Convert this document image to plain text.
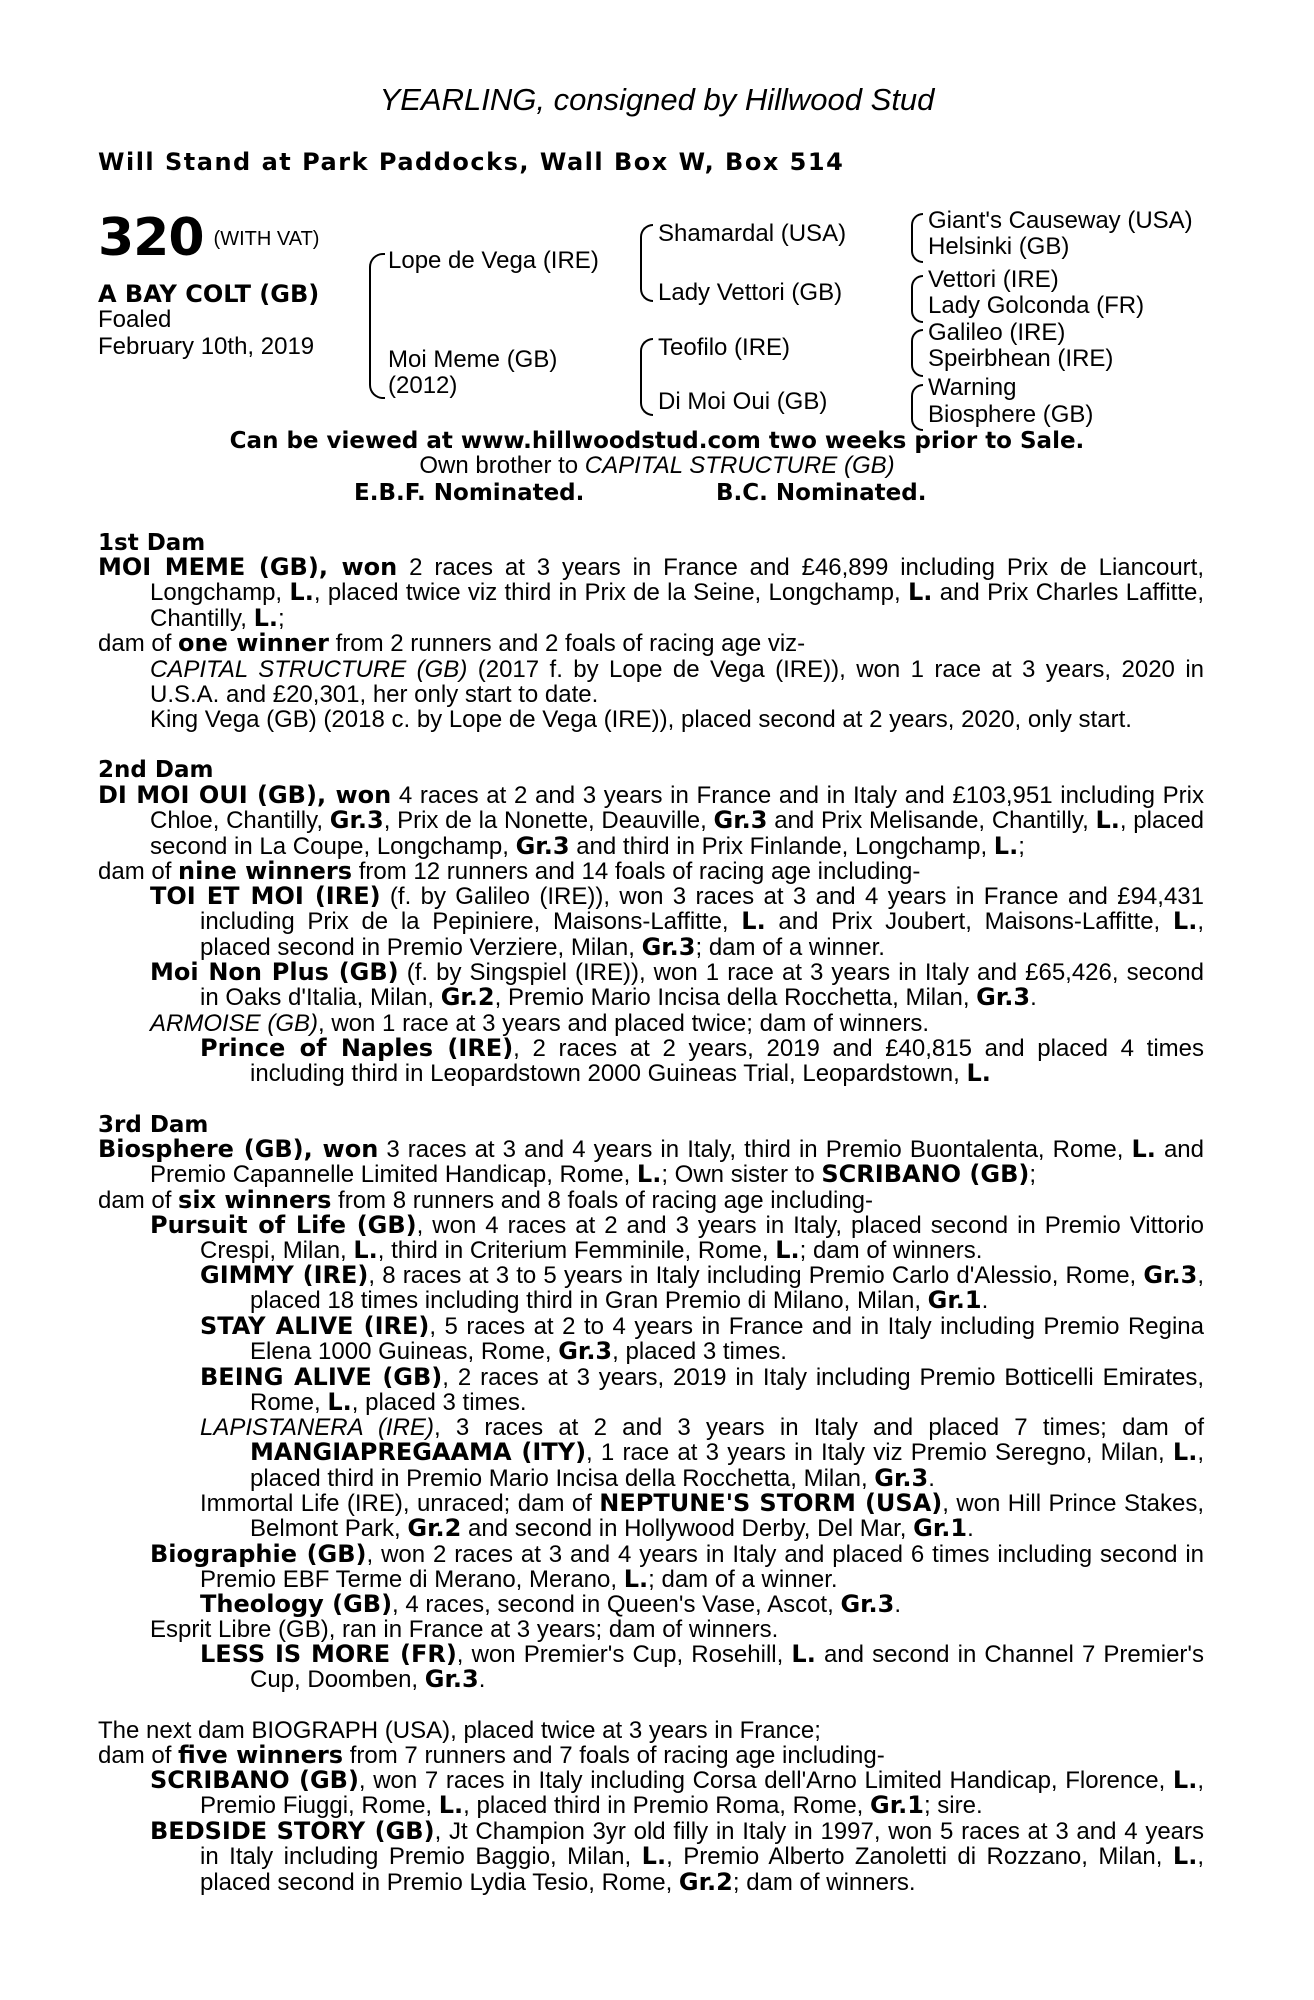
YEARLING, consigned by Hillwood Stud
Will Stand at Park Paddocks, Wall Box W, Box 514
320 (WITH VAT)
A BAY COLT (GB)
Foaled
February 10th, 2019
Lope de Vega (IRE)
Moi Meme (GB)
(2012)
Shamardal (USA)
Lady Vettori (GB)
Teofilo (IRE)
Di Moi Oui (GB)
Giant's Causeway (USA)
Helsinki (GB)
Vettori (IRE)
Lady Golconda (FR)
Galileo (IRE)
Speirbhean (IRE)
Warning
Biosphere (GB)
Can be viewed at www.hillwoodstud.com two weeks prior to Sale.
Own brother to CAPITAL STRUCTURE (GB)
E.B.F. Nominated.	B.C. Nominated.
1st Dam
MOI MEME (GB), won 2 races at 3 years in France and £46,899 including Prix de Liancourt, Longchamp, L., placed twice viz third in Prix de la Seine, Longchamp, L. and Prix Charles Laffitte, Chantilly, L.;
dam of one winner from 2 runners and 2 foals of racing age viz-
CAPITAL STRUCTURE (GB) (2017 f. by Lope de Vega (IRE)), won 1 race at 3 years, 2020 in U.S.A. and £20,301, her only start to date.
King Vega (GB) (2018 c. by Lope de Vega (IRE)), placed second at 2 years, 2020, only start.
2nd Dam
DI MOI OUI (GB), won 4 races at 2 and 3 years in France and in Italy and £103,951 including Prix Chloe, Chantilly, Gr.3, Prix de la Nonette, Deauville, Gr.3 and Prix Melisande, Chantilly, L., placed second in La Coupe, Longchamp, Gr.3 and third in Prix Finlande, Longchamp, L.;
dam of nine winners from 12 runners and 14 foals of racing age including-
TOI ET MOI (IRE) (f. by Galileo (IRE)), won 3 races at 3 and 4 years in France and £94,431 including Prix de la Pepiniere, Maisons-Laffitte, L. and Prix Joubert, Maisons-Laffitte, L., placed second in Premio Verziere, Milan, Gr.3; dam of a winner.
Moi Non Plus (GB) (f. by Singspiel (IRE)), won 1 race at 3 years in Italy and £65,426, second in Oaks d'Italia, Milan, Gr.2, Premio Mario Incisa della Rocchetta, Milan, Gr.3.
ARMOISE (GB), won 1 race at 3 years and placed twice; dam of winners.
Prince of Naples (IRE), 2 races at 2 years, 2019 and £40,815 and placed 4 times including third in Leopardstown 2000 Guineas Trial, Leopardstown, L.
3rd Dam
Biosphere (GB), won 3 races at 3 and 4 years in Italy, third in Premio Buontalenta, Rome, L. and Premio Capannelle Limited Handicap, Rome, L.; Own sister to SCRIBANO (GB);
dam of six winners from 8 runners and 8 foals of racing age including-
Pursuit of Life (GB), won 4 races at 2 and 3 years in Italy, placed second in Premio Vittorio Crespi, Milan, L., third in Criterium Femminile, Rome, L.; dam of winners.
GIMMY (IRE), 8 races at 3 to 5 years in Italy including Premio Carlo d'Alessio, Rome, Gr.3, placed 18 times including third in Gran Premio di Milano, Milan, Gr.1.
STAY ALIVE (IRE), 5 races at 2 to 4 years in France and in Italy including Premio Regina Elena 1000 Guineas, Rome, Gr.3, placed 3 times.
BEING ALIVE (GB), 2 races at 3 years, 2019 in Italy including Premio Botticelli Emirates, Rome, L., placed 3 times.
LAPISTANERA (IRE), 3 races at 2 and 3 years in Italy and placed 7 times; dam of MANGIAPREGAAMA (ITY), 1 race at 3 years in Italy viz Premio Seregno, Milan, L., placed third in Premio Mario Incisa della Rocchetta, Milan, Gr.3.
Immortal Life (IRE), unraced; dam of NEPTUNE'S STORM (USA), won Hill Prince Stakes, Belmont Park, Gr.2 and second in Hollywood Derby, Del Mar, Gr.1.
Biographie (GB), won 2 races at 3 and 4 years in Italy and placed 6 times including second in Premio EBF Terme di Merano, Merano, L.; dam of a winner.
Theology (GB), 4 races, second in Queen's Vase, Ascot, Gr.3.
Esprit Libre (GB), ran in France at 3 years; dam of winners.
LESS IS MORE (FR), won Premier's Cup, Rosehill, L. and second in Channel 7 Premier's Cup, Doomben, Gr.3.
The next dam BIOGRAPH (USA), placed twice at 3 years in France;
dam of five winners from 7 runners and 7 foals of racing age including-
SCRIBANO (GB), won 7 races in Italy including Corsa dell'Arno Limited Handicap, Florence, L., Premio Fiuggi, Rome, L., placed third in Premio Roma, Rome, Gr.1; sire.
BEDSIDE STORY (GB), Jt Champion 3yr old filly in Italy in 1997, won 5 races at 3 and 4 years in Italy including Premio Baggio, Milan, L., Premio Alberto Zanoletti di Rozzano, Milan, L., placed second in Premio Lydia Tesio, Rome, Gr.2; dam of winners.
